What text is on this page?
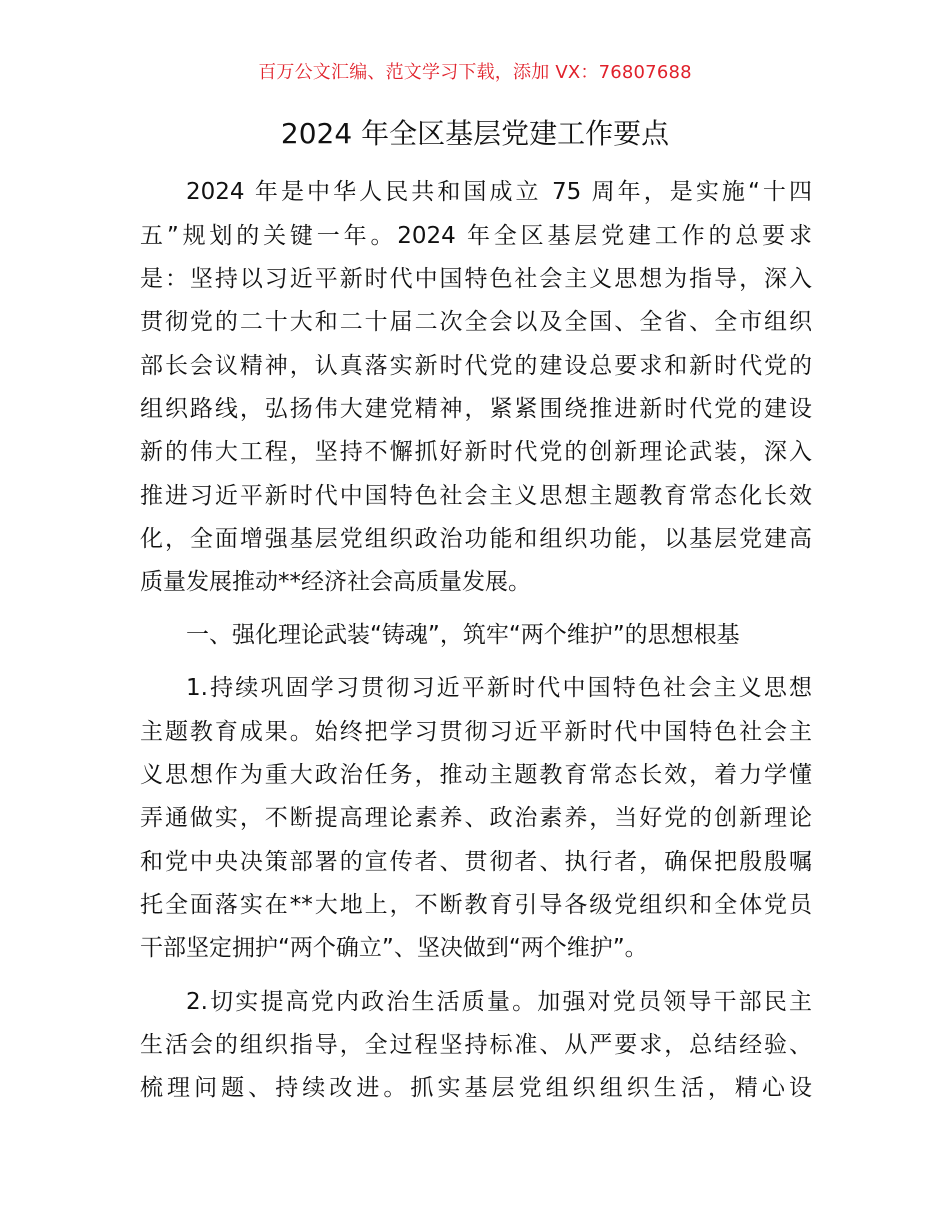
百万公文汇编、范文学习下载，添加 VX：76807688
2024 年全区基层党建工作要点
2024 年是中华人民共和国成立 75 周年，是实施“十四
五”规划的关键一年。2024 年全区基层党建工作的总要求
是：坚持以习近平新时代中国特色社会主义思想为指导，深入
贯彻党的二十大和二十届二次全会以及全国、全省、全市组织
部长会议精神，认真落实新时代党的建设总要求和新时代党的
组织路线，弘扬伟大建党精神，紧紧围绕推进新时代党的建设
新的伟大工程，坚持不懈抓好新时代党的创新理论武装，深入
推进习近平新时代中国特色社会主义思想主题教育常态化长效
化，全面增强基层党组织政治功能和组织功能，以基层党建高
质量发展推动**经济社会高质量发展。
一、强化理论武装“铸魂”，筑牢“两个维护”的思想根基
1.持续巩固学习贯彻习近平新时代中国特色社会主义思想
主题教育成果。始终把学习贯彻习近平新时代中国特色社会主
义思想作为重大政治任务，推动主题教育常态长效，着力学懂
弄通做实，不断提高理论素养、政治素养，当好党的创新理论
和党中央决策部署的宣传者、贯彻者、执行者，确保把殷殷嘱
托全面落实在**大地上，不断教育引导各级党组织和全体党员
干部坚定拥护“两个确立”、坚决做到“两个维护”。
2.切实提高党内政治生活质量。加强对党员领导干部民主
生活会的组织指导，全过程坚持标准、从严要求，总结经验、
梳理问题、持续改进。抓实基层党组织组织生活，精心设
